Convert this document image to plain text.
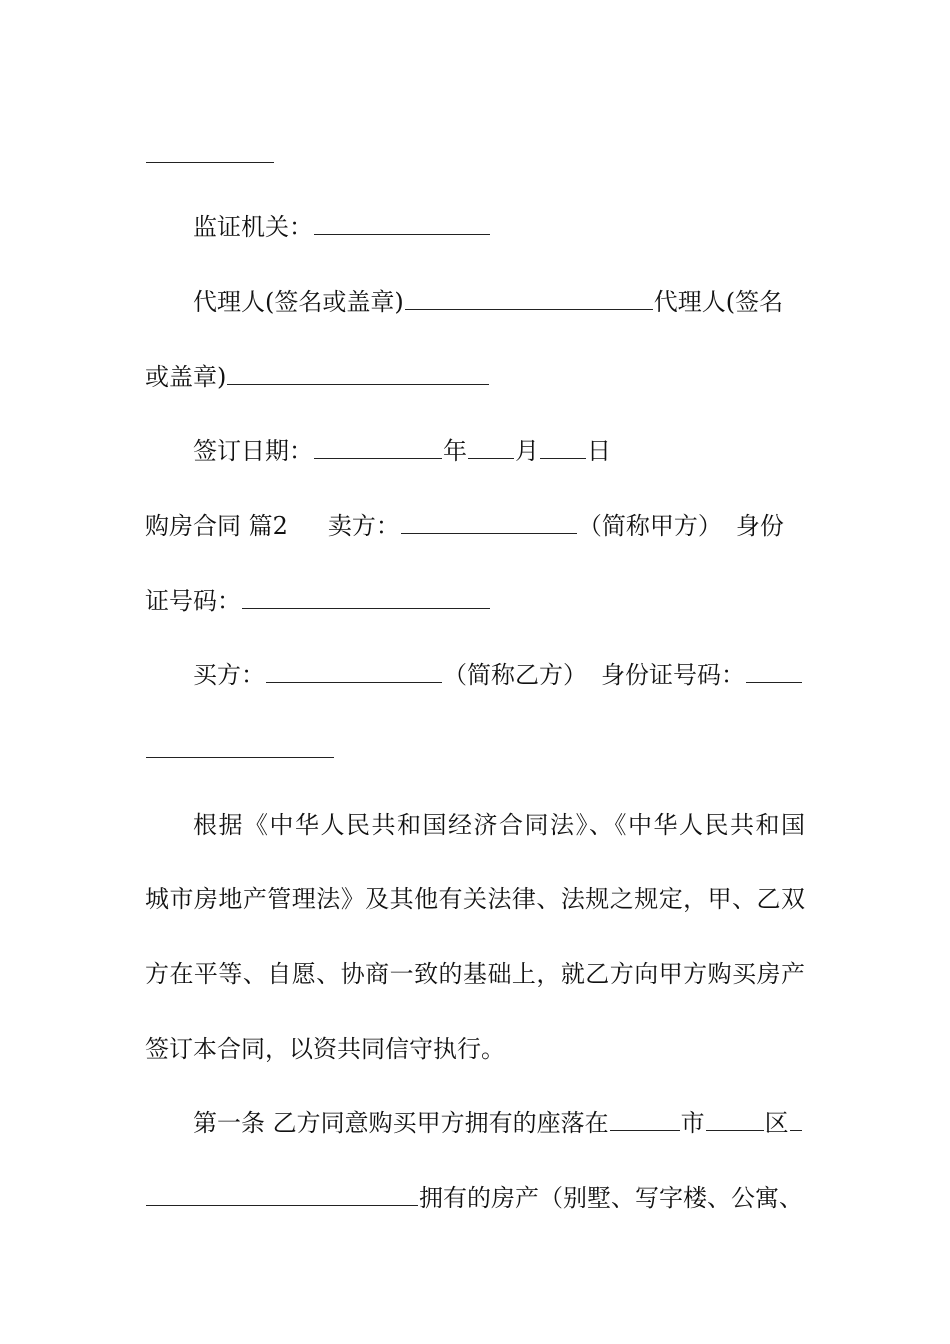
监证机关：
代理人(签名或盖章)	代理人(签名
或盖章)
签订日期：	年 月 日
购房合同 篇2 卖方：	（简称甲方） 身份
证号码：
买方：	（简称乙方） 身份证号码：
根据《中华人民共和国经济合同法》、《中华人民共和国
城市房地产管理法》及其他有关法律、法规之规定，甲、乙双
方在平等、自愿、协商一致的基础上，就乙方向甲方购买房产
签订本合同，以资共同信守执行。
第一条 乙方同意购买甲方拥有的座落在	市	区
拥有的房产（别墅、写字楼、公寓、
